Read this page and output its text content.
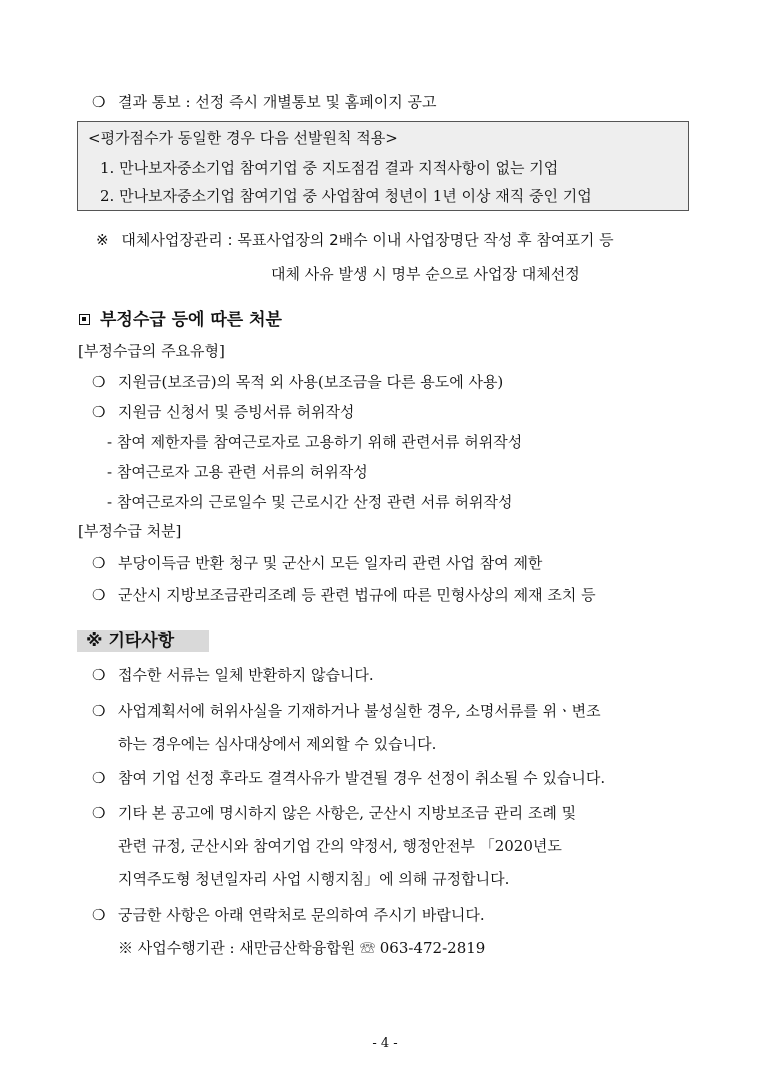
❍ 결과 통보 : 선정 즉시 개별통보 및 홈페이지 공고
<평가점수가 동일한 경우 다음 선발원칙 적용>
1. 만나보자중소기업 참여기업 중 지도점검 결과 지적사항이 없는 기업
2. 만나보자중소기업 참여기업 중 사업참여 청년이 1년 이상 재직 중인 기업
※ 대체사업장관리 : 목표사업장의 2배수 이내 사업장명단 작성 후 참여포기 등
대체 사유 발생 시 명부 순으로 사업장 대체선정
부정수급 등에 따른 처분
[부정수급의 주요유형]
❍ 지원금(보조금)의 목적 외 사용(보조금을 다른 용도에 사용)
❍ 지원금 신청서 및 증빙서류 허위작성
- 참여 제한자를 참여근로자로 고용하기 위해 관련서류 허위작성
- 참여근로자 고용 관련 서류의 허위작성
- 참여근로자의 근로일수 및 근로시간 산정 관련 서류 허위작성
[부정수급 처분]
❍ 부당이득금 반환 청구 및 군산시 모든 일자리 관련 사업 참여 제한
❍ 군산시 지방보조금관리조례 등 관련 법규에 따른 민형사상의 제재 조치 등
※ 기타사항
❍ 접수한 서류는 일체 반환하지 않습니다.
❍ 사업계획서에 허위사실을 기재하거나 불성실한 경우, 소명서류를 위ㆍ변조
하는 경우에는 심사대상에서 제외할 수 있습니다.
❍ 참여 기업 선정 후라도 결격사유가 발견될 경우 선정이 취소될 수 있습니다.
❍ 기타 본 공고에 명시하지 않은 사항은, 군산시 지방보조금 관리 조례 및
관련 규정, 군산시와 참여기업 간의 약정서, 행정안전부 「2020년도
지역주도형 청년일자리 사업 시행지침」에 의해 규정합니다.
❍ 궁금한 사항은 아래 연락처로 문의하여 주시기 바랍니다.
※ 사업수행기관 : 새만금산학융합원 ☏ 063-472-2819
- 4 -
